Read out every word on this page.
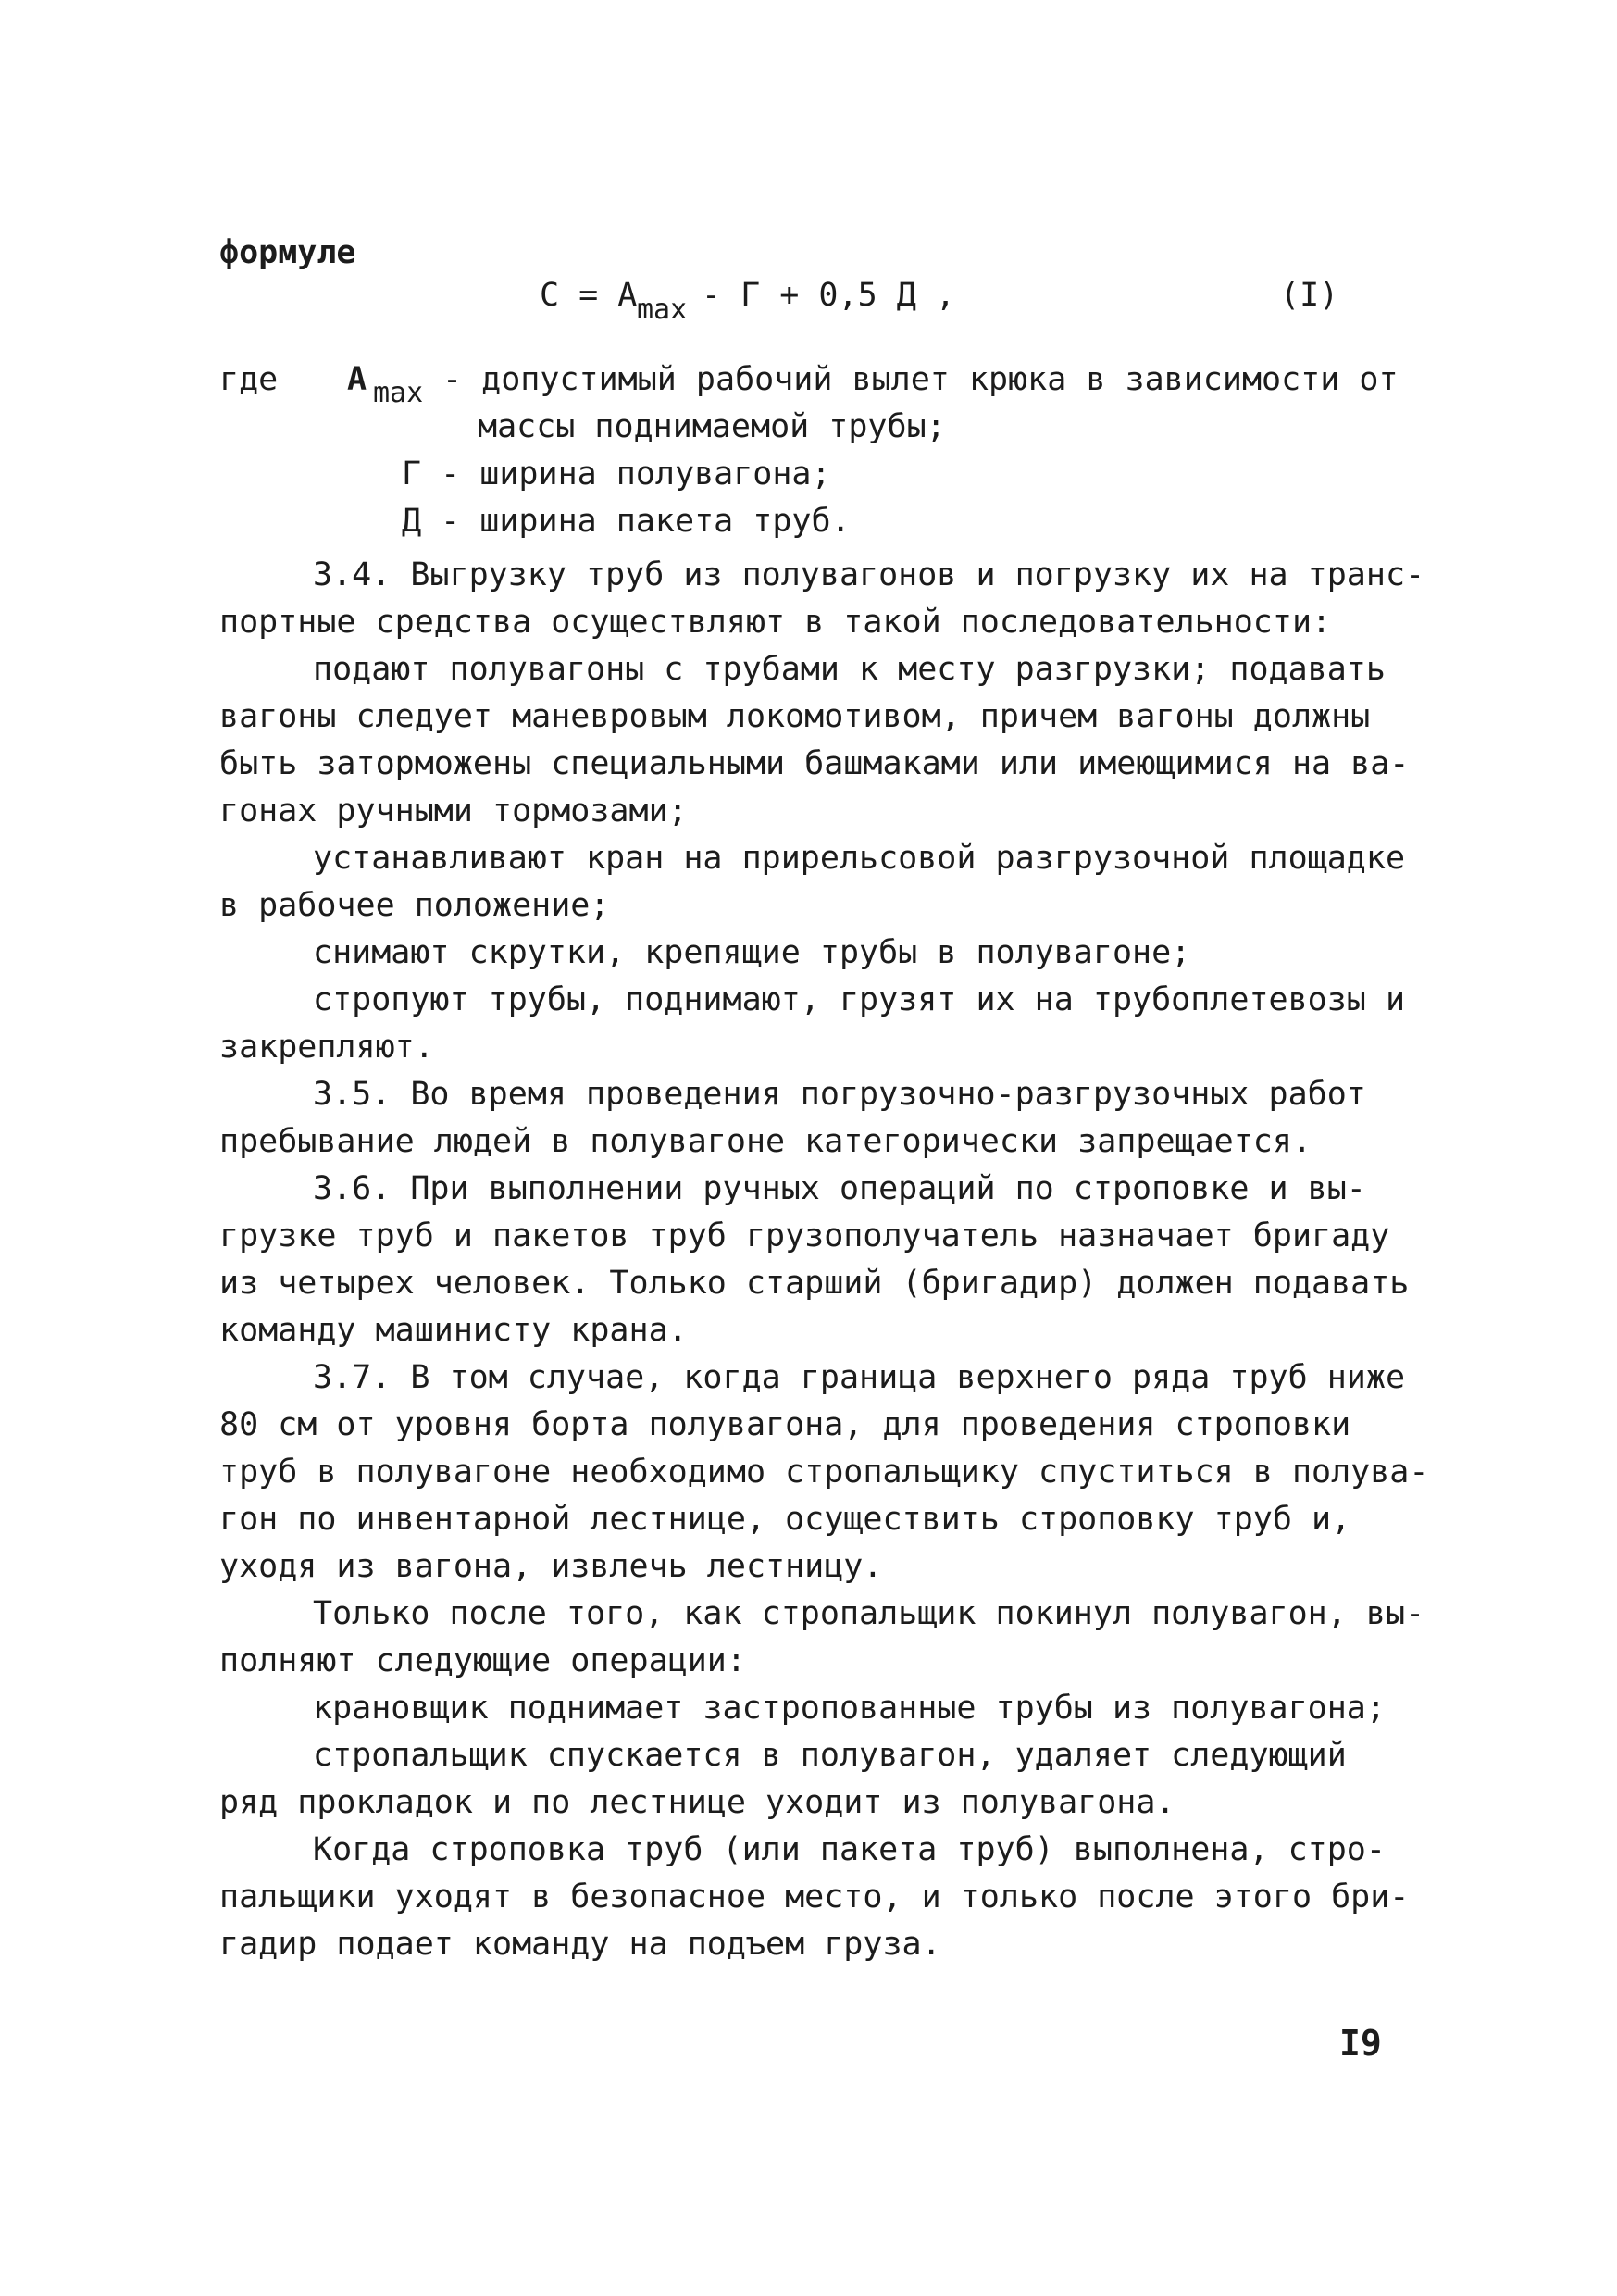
формуле
C = A max - Г + 0,5 Д ,	(I)
где A max - допустимый рабочий вылет крюка в зависимости от
массы поднимаемой трубы;
Г - ширина полувагона;
Д - ширина пакета труб.
3.4. Выгрузку труб из полувагонов и погрузку их на транс-
портные средства осуществляют в такой последовательности:
подают полувагоны с трубами к месту разгрузки; подавать
вагоны следует маневровым локомотивом, причем вагоны должны
быть заторможены специальными башмаками или имеющимися на ва-
гонах ручными тормозами;
устанавливают кран на прирельсовой разгрузочной площадке
в рабочее положение;
снимают скрутки, крепящие трубы в полувагоне;
стропуют трубы, поднимают, грузят их на трубоплетевозы и
закрепляют.
3.5. Во время проведения погрузочно-разгрузочных работ
пребывание людей в полувагоне категорически запрещается.
3.6. При выполнении ручных операций по строповке и вы-
грузке труб и пакетов труб грузополучатель назначает бригаду
из четырех человек. Только старший (бригадир) должен подавать
команду машинисту крана.
3.7. В том случае, когда граница верхнего ряда труб ниже
80 см от уровня борта полувагона, для проведения строповки
труб в полувагоне необходимо стропальщику спуститься в полува-
гон по инвентарной лестнице, осуществить строповку труб и,
уходя из вагона, извлечь лестницу.
Только после того, как стропальщик покинул полувагон, вы-
полняют следующие операции:
крановщик поднимает застропованные трубы из полувагона;
стропальщик спускается в полувагон, удаляет следующий
ряд прокладок и по лестнице уходит из полувагона.
Когда строповка труб (или пакета труб) выполнена, стро-
пальщики уходят в безопасное место, и только после этого бри-
гадир подает команду на подъем груза.
I9
